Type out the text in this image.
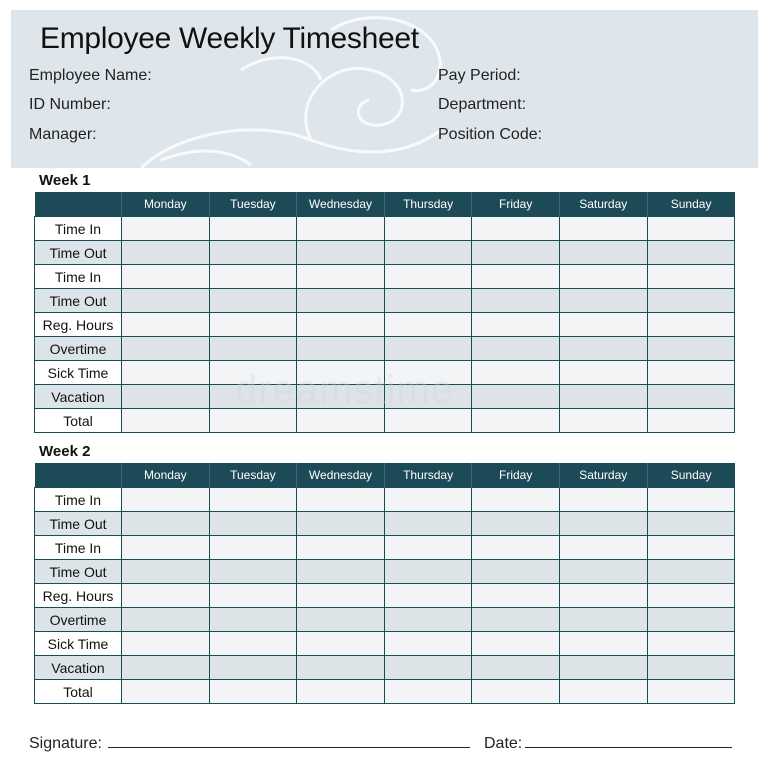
Employee Weekly Timesheet
Employee Name:
ID Number:
Manager:
Pay Period:
Department:
Position Code:
Week 1
	Monday	Tuesday	Wednesday	Thursday	Friday	Saturday	Sunday
Time In							
Time Out							
Time In							
Time Out							
Reg. Hours							
Overtime							
Sick Time							
Vacation							
Total							
Week 2
	Monday	Tuesday	Wednesday	Thursday	Friday	Saturday	Sunday
Time In							
Time Out							
Time In							
Time Out							
Reg. Hours							
Overtime							
Sick Time							
Vacation							
Total							
dreamstime
Signature:	Date:
